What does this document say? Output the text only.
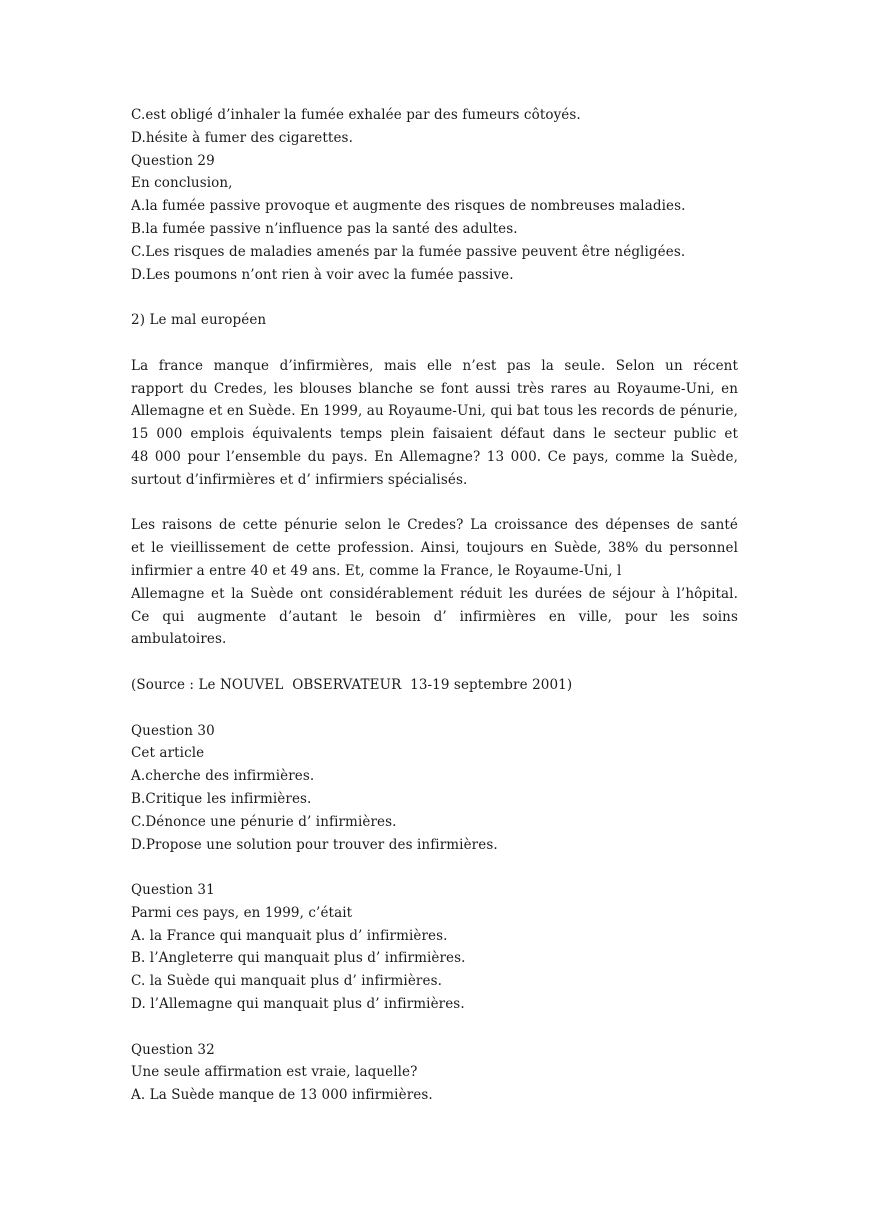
C.est obligé d’inhaler la fumée exhalée par des fumeurs côtoyés.
D.hésite à fumer des cigarettes.
Question 29
En conclusion,
A.la fumée passive provoque et augmente des risques de nombreuses maladies.
B.la fumée passive n’influence pas la santé des adultes.
C.Les risques de maladies amenés par la fumée passive peuvent être négligées.
D.Les poumons n’ont rien à voir avec la fumée passive.
2) Le mal européen
La france manque d’infirmières, mais elle n’est pas la seule. Selon un récent
rapport du Credes, les blouses blanche se font aussi très rares au Royaume-Uni, en
Allemagne et en Suède. En 1999, au Royaume-Uni, qui bat tous les records de pénurie,
15 000 emplois équivalents temps plein faisaient défaut dans le secteur public et
48 000 pour l’ensemble du pays. En Allemagne? 13 000. Ce pays, comme la Suède,
surtout d’infirmières et d’ infirmiers spécialisés.
Les raisons de cette pénurie selon le Credes? La croissance des dépenses de santé
et le vieillissement de cette profession. Ainsi, toujours en Suède, 38% du personnel
infirmier a entre 40 et 49 ans. Et, comme la France, le Royaume-Uni, l
Allemagne et la Suède ont considérablement réduit les durées de séjour à l’hôpital.
Ce qui augmente d’autant le besoin d’ infirmières en ville, pour les soins
ambulatoires.
(Source : Le NOUVEL  OBSERVATEUR  13-19 septembre 2001)
Question 30
Cet article
A.cherche des infirmières.
B.Critique les infirmières.
C.Dénonce une pénurie d’ infirmières.
D.Propose une solution pour trouver des infirmières.
Question 31
Parmi ces pays, en 1999, c’était
A. la France qui manquait plus d’ infirmières.
B. l’Angleterre qui manquait plus d’ infirmières.
C. la Suède qui manquait plus d’ infirmières.
D. l’Allemagne qui manquait plus d’ infirmières.
Question 32
Une seule affirmation est vraie, laquelle?
A. La Suède manque de 13 000 infirmières.
